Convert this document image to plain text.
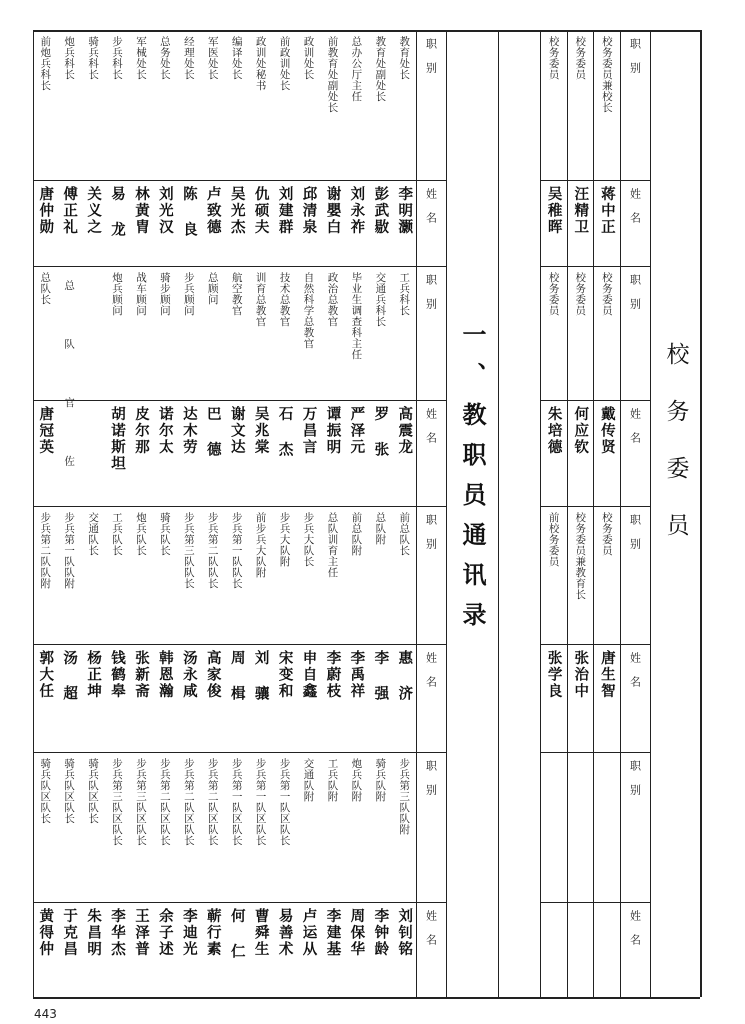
职 别
姓 名
教育处长
李明灏
教育处副处长
彭武敭
总办公厅主任
刘永祚
前教育处副处长
谢嬰白
政训处长
邱清泉
前政训处长
刘建群
政训处秘书
仇硕夫
编译处长
吴光杰
军医处长
卢致德
经理处长
陈 良
总务处长
刘光汉
军械处长
林黄胄
步兵科长
易 龙
骑兵科长
关义之
炮兵科长
傅正礼
前炮兵科长
唐仲勋
职 别
姓 名
工兵科长
高震龙
交通兵科长
罗 张
毕业生调查科主任
严泽元
政治总教官
谭振明
自然科学总教官
万昌言
技术总教官
石 杰
训育总教官
吴兆棠
航空教官
谢文达
总顾问
巴 德
步兵顾问
达木劳
骑步顾问
诺尔太
战车顾问
皮尔那
炮兵顾问
胡诺斯坦
总 队 官 佐
总队长
唐冠英
职 别
姓 名
前总队长
惠 济
总队附
李 强
前总队附
李禹祥
总队训育主任
李蔚枝
步兵大队长
申自鑫
步兵大队附
宋变和
前步兵大队附
刘 骧
步兵第一队队长
周 楫
步兵第二队队长
高家俊
步兵第三队队长
汤永咸
骑兵队长
韩恩瀚
炮兵队长
张新斋
工兵队长
钱鹤皋
交通队长
杨正坤
步兵第一队队附
汤 超
步兵第二队队附
郭大任
职 别
姓 名
步兵第三队队附
刘钊铭
骑兵队附
李钟龄
炮兵队附
周保华
工兵队附
李建基
交通队附
卢运从
步兵第一队区队长
易善术
步兵第一队区队长
曹舜生
步兵第一队区队长
何 仁
步兵第二队区队长
蕲行素
步兵第二队区队长
李迪光
步兵第二队区队长
余子述
步兵第三队区队长
王泽普
步兵第三队区队长
李华杰
骑兵队区队长
朱昌明
骑兵队区队长
于克昌
骑兵队区队长
黄得仲
职 别
姓 名
校务委员兼校长
蒋中正
校务委员
汪精卫
校务委员
吴稚晖
职 别
姓 名
校务委员
戴传贤
校务委员
何应钦
校务委员
朱培德
职 别
姓 名
校务委员
唐生智
校务委员兼教育长
张治中
前校务委员
张学良
职 别
姓 名
一、教职员通讯录	校务委员
443
